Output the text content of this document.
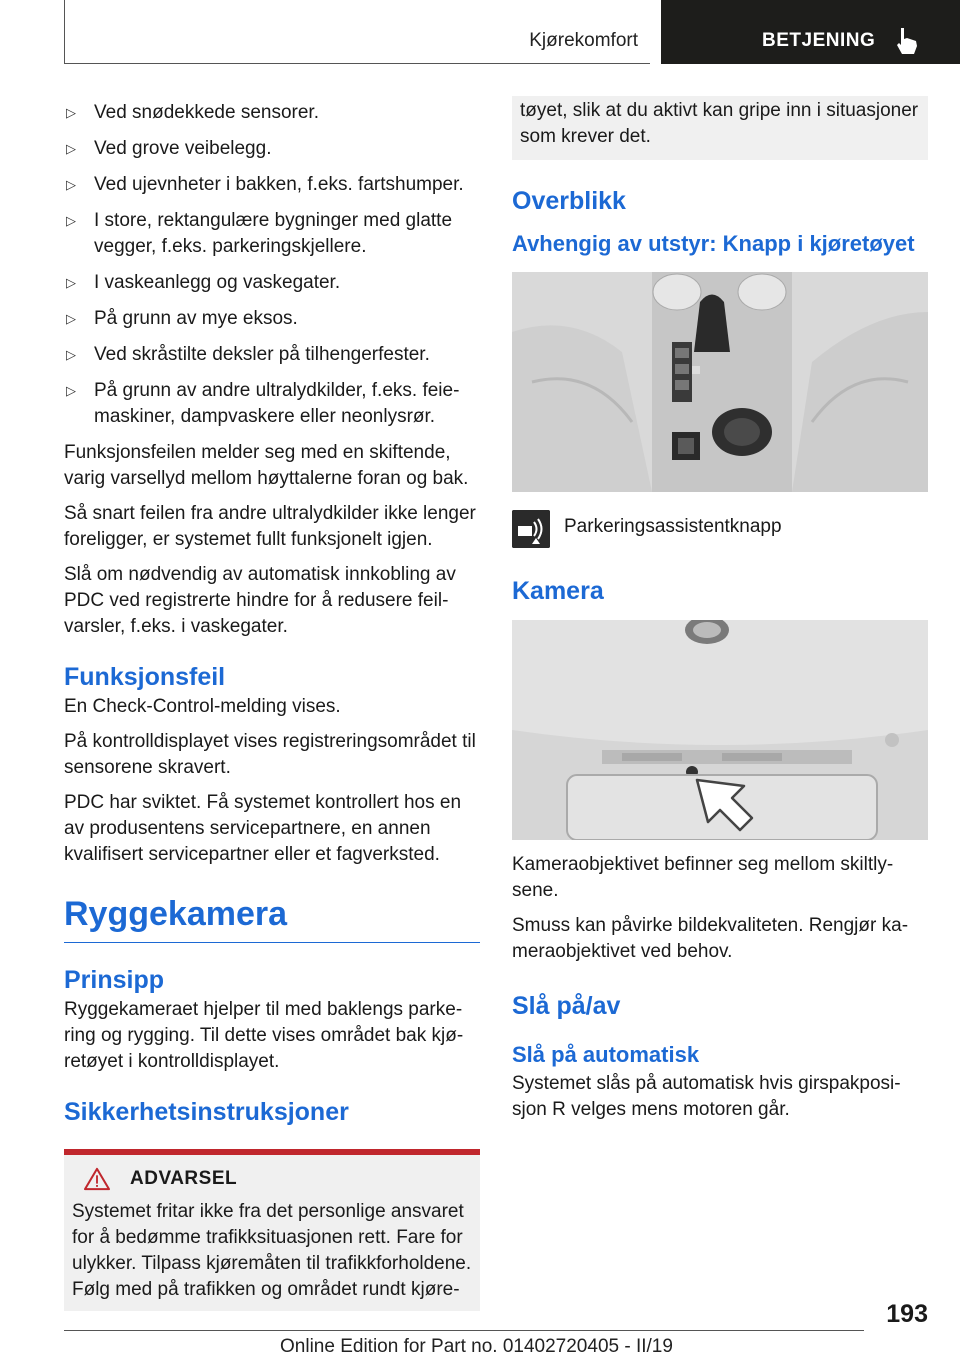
Kjørekomfort	BETJENING
▷ Ved snødekkede sensorer.
▷ Ved grove veibelegg.
▷ Ved ujevnheter i bakken, f.eks. fartshumper.
▷ I store, rektangulære bygninger med glatte vegger, f.eks. parkeringskjellere.
▷ I vaskeanlegg og vaskegater.
▷ På grunn av mye eksos.
▷ Ved skråstilte deksler på tilhengerfester.
▷ På grunn av andre ultralydkilder, f.eks. feiemaskiner, dampvaskere eller neonlysrør.

Funksjonsfeilen melder seg med en skiftende, varig varsellyd mellom høyttalerne foran og bak.

Så snart feilen fra andre ultralydkilder ikke lenger foreligger, er systemet fullt funksjonelt igjen.

Slå om nødvendig av automatisk innkobling av PDC ved registrerte hindre for å redusere feilvarsler, f.eks. i vaskegater.

Funksjonsfeil

En Check-Control-melding vises.

På kontrolldisplayet vises registreringsområdet til sensorene skravert.

PDC har sviktet. Få systemet kontrollert hos en av produsentens servicepartnere, en annen kvalifisert servicepartner eller et fagverksted.

Ryggekamera
Prinsipp

Ryggekameraet hjelper til med baklengs parkering og rygging. Til dette vises området bak kjøretøyet i kontrolldisplayet.

Sikkerhetsinstruksjoner
ADVARSEL

Systemet fritar ikke fra det personlige ansvaret for å bedømme trafikksituasjonen rett. Fare for ulykker. Tilpass kjøremåten til trafikkforholdene. Følg med på trafikken og området rundt kjøre-

tøyet, slik at du aktivt kan gripe inn i situasjoner som krever det.

Overblikk
Avhengig av utstyr: Knapp i kjøretøyet
Parkeringsassistentknapp
Kamera

Kameraobjektivet befinner seg mellom skiltlysene.

Smuss kan påvirke bildekvaliteten. Rengjør kameraobjektivet ved behov.

Slå på/av
Slå på automatisk

Systemet slås på automatisk hvis girspakposisjon R velges mens motoren går.

193
Online Edition for Part no. 01402720405 - II/19
